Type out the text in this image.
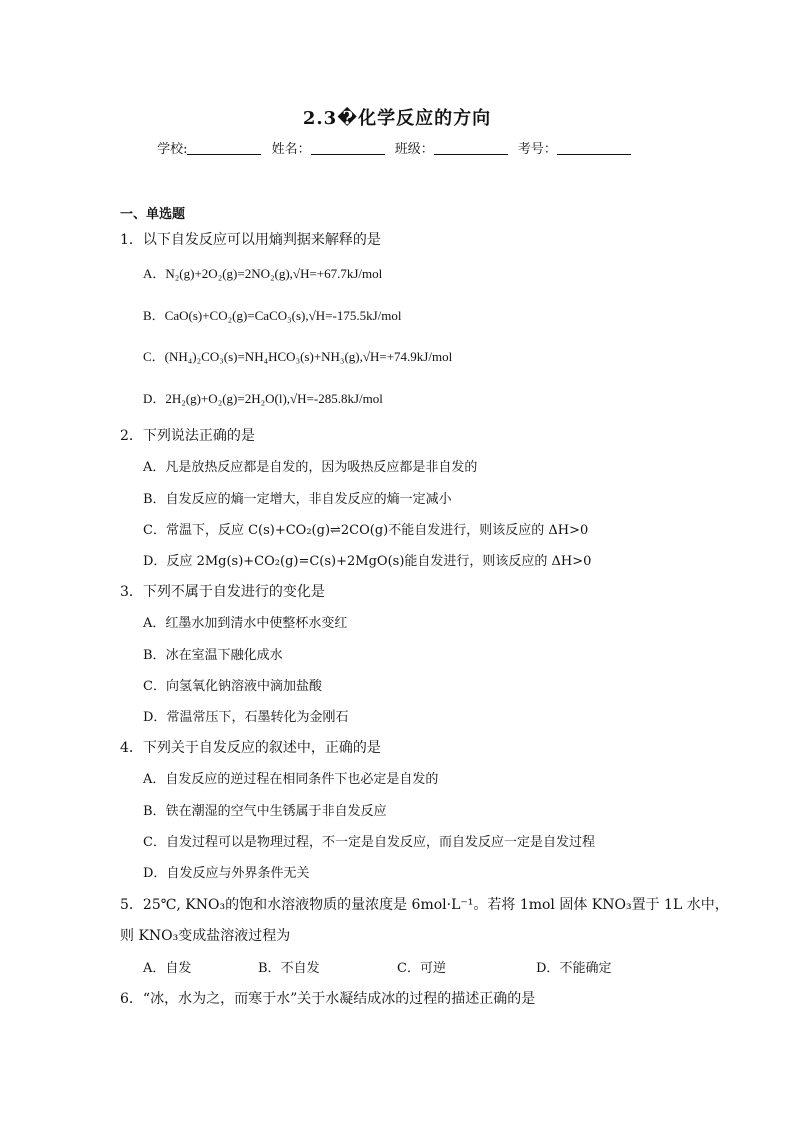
2.3�化学反应的方向
学校:	姓名：	班级：	考号：
一、单选题
1．以下自发反应可以用熵判据来解释的是
A．N₂(g)+2O₂(g)=2NO₂(g),√H=+67.7kJ/mol
B．CaO(s)+CO₂(g)=CaCO₃(s),√H=-175.5kJ/mol
C．(NH₄)₂CO₃(s)=NH₄HCO₃(s)+NH₃(g),√H=+74.9kJ/mol
D．2H₂(g)+O₂(g)=2H₂O(l),√H=-285.8kJ/mol
2．下列说法正确的是
A．凡是放热反应都是自发的，因为吸热反应都是非自发的
B．自发反应的熵一定增大，非自发反应的熵一定减小
C．常温下，反应 C(s)+CO₂(g)⇌2CO(g)不能自发进行，则该反应的 ΔH>0
D．反应 2Mg(s)+CO₂(g)=C(s)+2MgO(s)能自发进行，则该反应的 ΔH>0
3．下列不属于自发进行的变化是
A．红墨水加到清水中使整杯水变红
B．冰在室温下融化成水
C．向氢氧化钠溶液中滴加盐酸
D．常温常压下，石墨转化为金刚石
4．下列关于自发反应的叙述中，正确的是
A．自发反应的逆过程在相同条件下也必定是自发的
B．铁在潮湿的空气中生锈属于非自发反应
C．自发过程可以是物理过程，不一定是自发反应，而自发反应一定是自发过程
D．自发反应与外界条件无关
5．25℃, KNO₃的饱和水溶液物质的量浓度是 6mol·L⁻¹。若将 1mol 固体 KNO₃置于 1L 水中，
则 KNO₃变成盐溶液过程为
A．自发	B．不自发	C．可逆	D．不能确定
6．“冰，水为之，而寒于水”关于水凝结成冰的过程的描述正确的是
